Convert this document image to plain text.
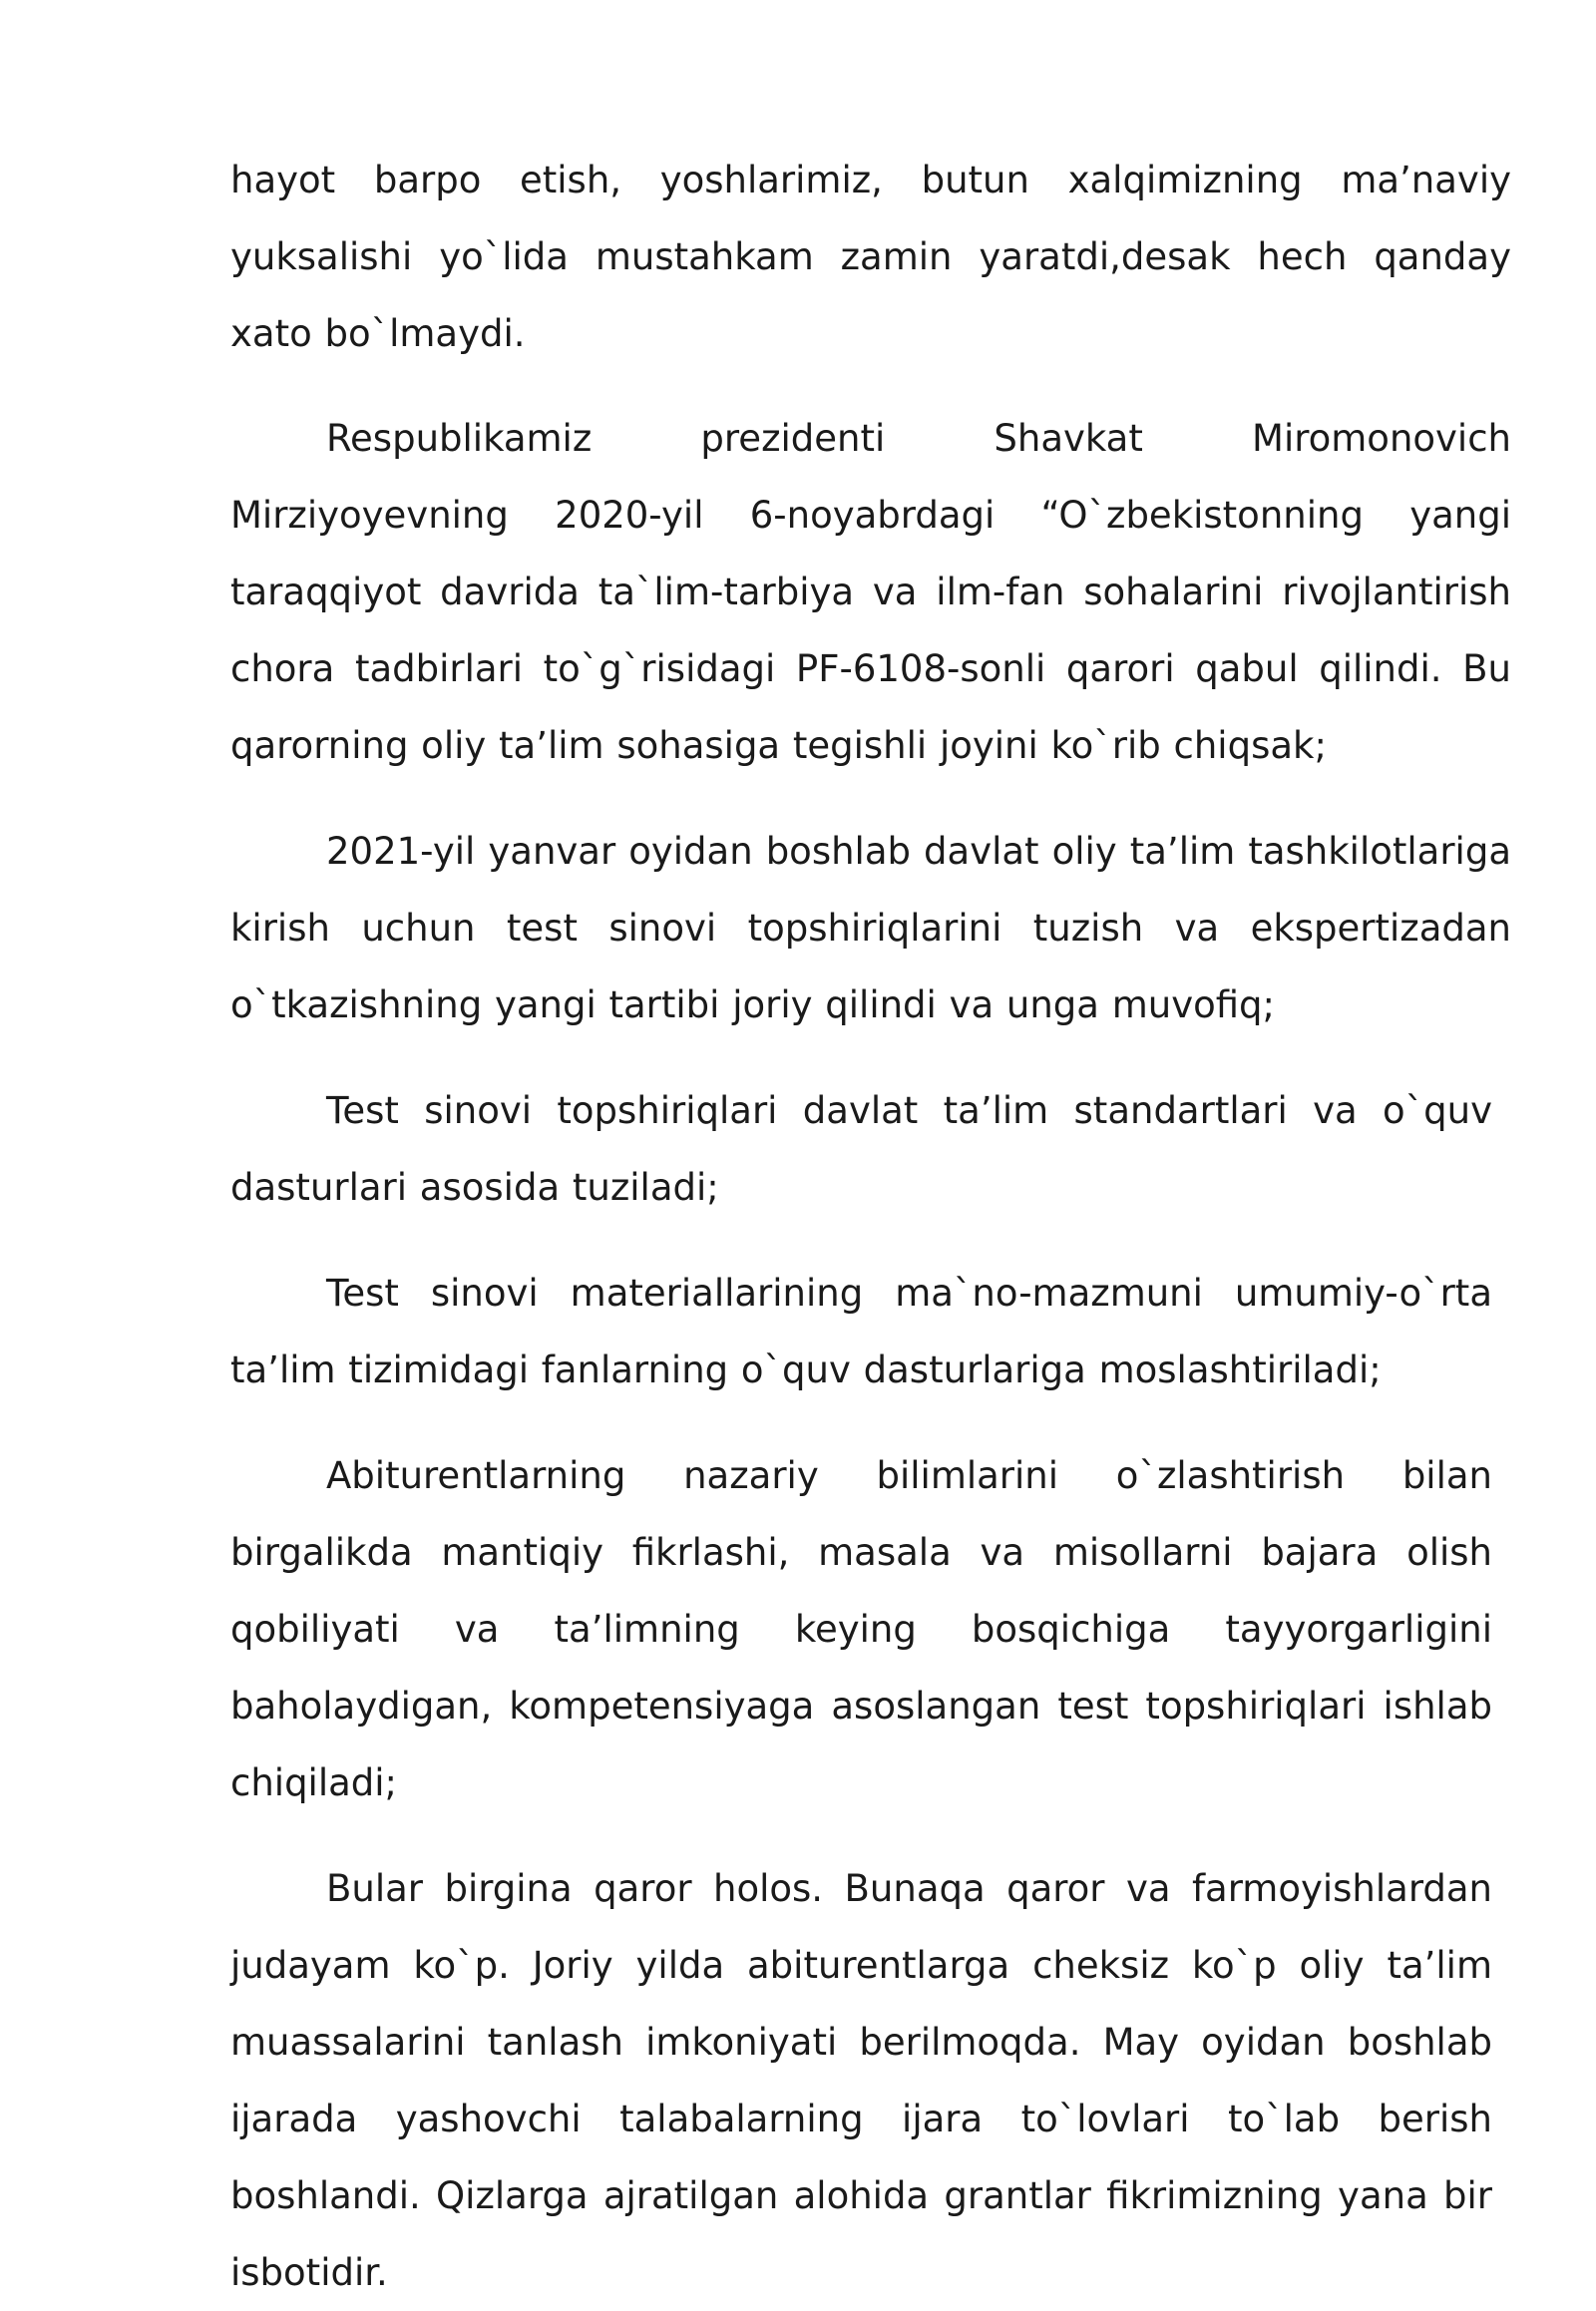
hayot barpo etish, yoshlarimiz, butun xalqimizning ma’naviy yuksalishi yo`lida mustahkam zamin yaratdi,desak hech qanday xato bo`lmaydi.

Respublikamiz prezidenti Shavkat Miromonovich Mirziyoyevning 2020-yil 6-noyabrdagi “O`zbekistonning yangi taraqqiyot davrida ta`lim-tarbiya va ilm-fan sohalarini rivojlantirish chora tadbirlari to`g`risidagi PF-6108-sonli qarori qabul qilindi. Bu qarorning oliy ta’lim sohasiga tegishli joyini ko`rib chiqsak;

2021-yil yanvar oyidan boshlab davlat oliy ta’lim tashkilotlariga kirish uchun test sinovi topshiriqlarini tuzish va ekspertizadan o`tkazishning yangi tartibi joriy qilindi va unga muvofiq;

Test sinovi topshiriqlari davlat ta’lim standartlari va o`quv dasturlari asosida tuziladi;

Test sinovi materiallarining ma`no-mazmuni umumiy-o`rta ta’lim tizimidagi fanlarning o`quv dasturlariga moslashtiriladi;

Abiturentlarning nazariy bilimlarini o`zlashtirish bilan birgalikda mantiqiy fikrlashi, masala va misollarni bajara olish qobiliyati va ta’limning keying bosqichiga tayyorgarligini baholaydigan, kompetensiyaga asoslangan test topshiriqlari ishlab chiqiladi;

Bular birgina qaror holos. Bunaqa qaror va farmoyishlardan judayam ko`p. Joriy yilda abiturentlarga cheksiz ko`p oliy ta’lim muassalarini tanlash imkoniyati berilmoqda. May oyidan boshlab ijarada yashovchi talabalarning ijara to`lovlari to`lab berish boshlandi. Qizlarga ajratilgan alohida grantlar fikrimizning yana bir isbotidir.
